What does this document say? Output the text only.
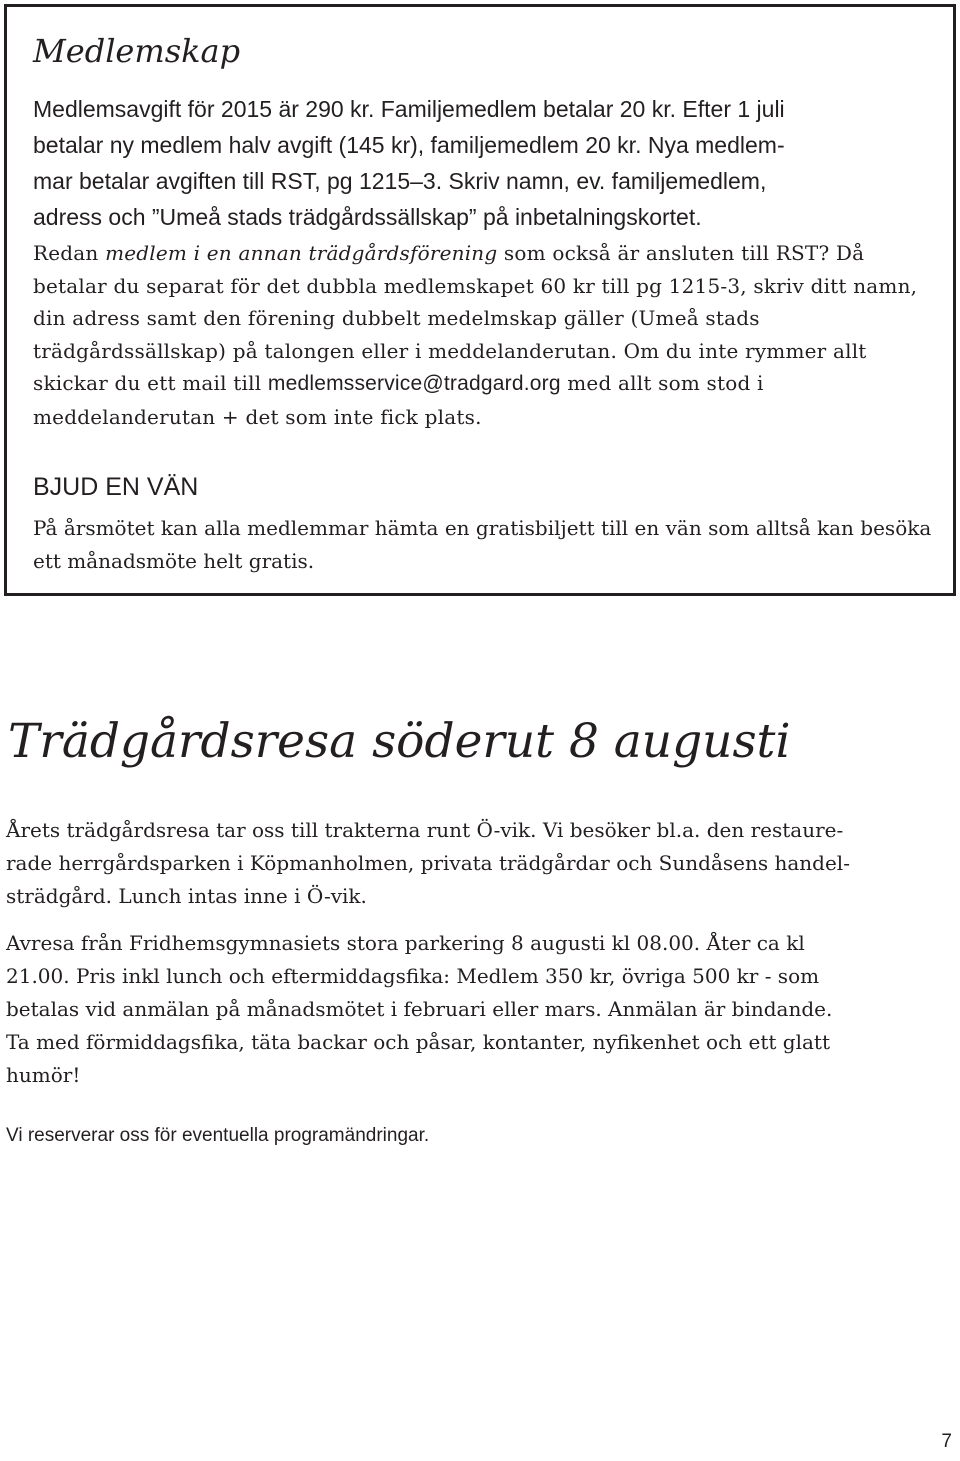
Medlemskap

Medlemsavgift för 2015 är 290 kr. Familjemedlem betalar 20 kr. Efter 1 juli
betalar ny medlem halv avgift (145 kr), familjemedlem 20 kr. Nya medlem-
mar betalar avgiften till RST, pg 1215–3. Skriv namn, ev. familjemedlem,
adress och ”Umeå stads trädgårdssällskap” på inbetalningskortet.

Redan medlem i en annan trädgårdsförening som också är ansluten till RST? Då betalar du separat för det dubbla medlemskapet 60 kr till pg 1215-3, skriv ditt namn, din adress samt den förening dubbelt medelmskap gäller (Umeå stads trädgårdssällskap) på talongen eller i meddelanderutan. Om du inte rymmer allt skickar du ett mail till medlemsservice@tradgard.org med allt som stod i meddelanderutan + det som inte fick plats.

BJUD EN VÄN

På årsmötet kan alla medlemmar hämta en gratisbiljett till en vän som alltså kan besöka ett månadsmöte helt gratis.

Trädgårdsresa söderut 8 augusti

Årets trädgårdsresa tar oss till trakterna runt Ö-vik. Vi besöker bl.a. den restaure-
rade herrgårdsparken i Köpmanholmen, privata trädgårdar och Sundåsens handel-
strädgård. Lunch intas inne i Ö-vik.

Avresa från Fridhemsgymnasiets stora parkering 8 augusti kl 08.00. Åter ca kl
21.00. Pris inkl lunch och eftermiddagsfika: Medlem 350 kr, övriga 500 kr - som
betalas vid anmälan på månadsmötet i februari eller mars. Anmälan är bindande.
Ta med förmiddagsfika, täta backar och påsar, kontanter, nyfikenhet och ett glatt
humör!

Vi reserverar oss för eventuella programändringar.

7
